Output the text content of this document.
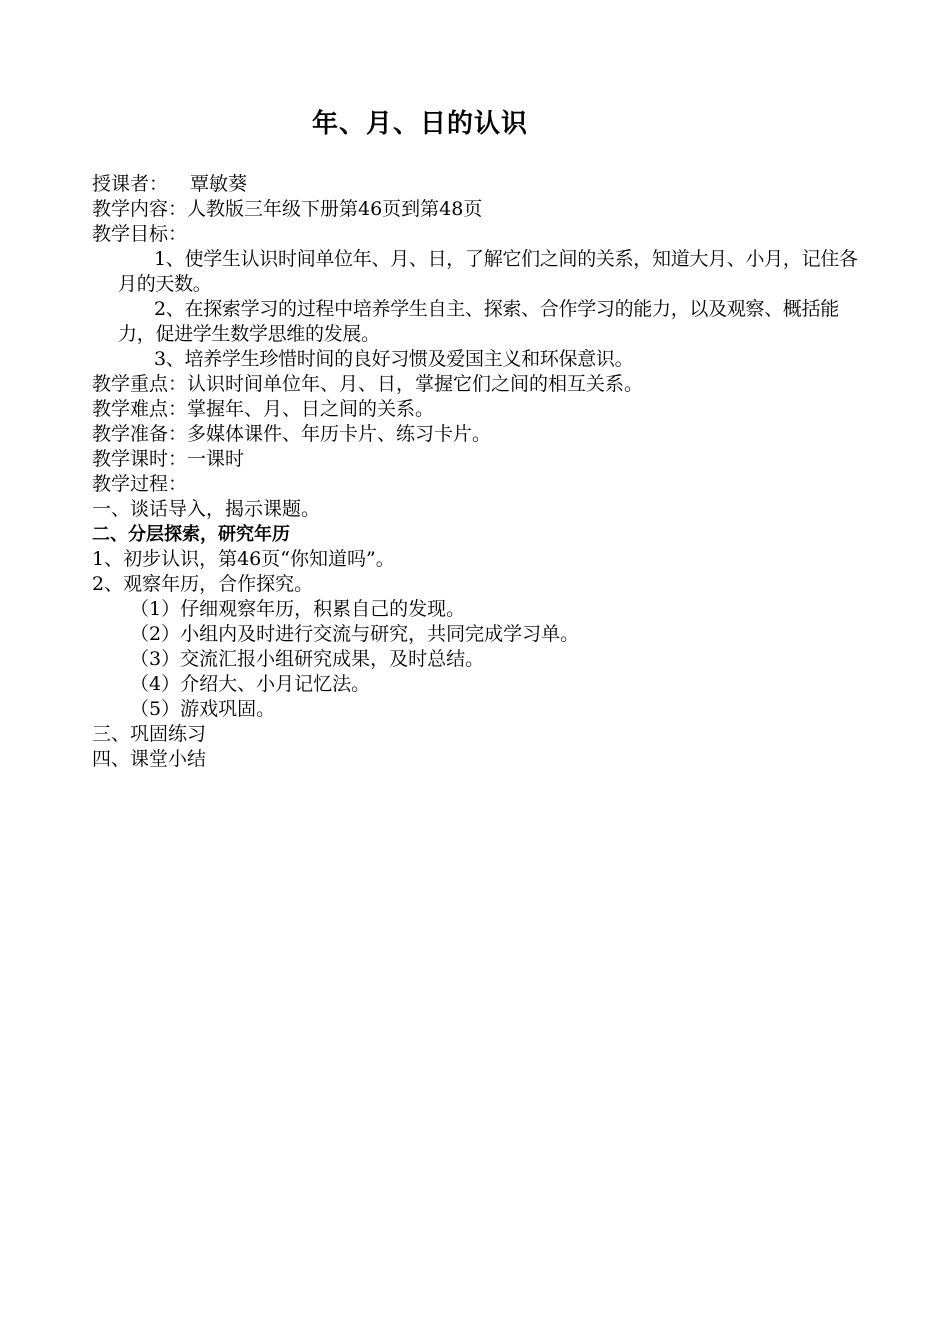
年、月、日的认识
授课者： 覃敏葵
教学内容：人教版三年级下册第46页到第48页
教学目标：
1、使学生认识时间单位年、月、日，了解它们之间的关系，知道大月、小月，记住各月的天数。
2、在探索学习的过程中培养学生自主、探索、合作学习的能力，以及观察、概括能力，促进学生数学思维的发展。
3、培养学生珍惜时间的良好习惯及爱国主义和环保意识。
教学重点：认识时间单位年、月、日，掌握它们之间的相互关系。
教学难点：掌握年、月、日之间的关系。
教学准备：多媒体课件、年历卡片、练习卡片。
教学课时：一课时
教学过程：
一、谈话导入，揭示课题。
二、分层探索，研究年历
1、初步认识，第46页“你知道吗”。
2、观察年历，合作探究。
（1）仔细观察年历，积累自己的发现。
（2）小组内及时进行交流与研究，共同完成学习单。
（3）交流汇报小组研究成果，及时总结。
（4）介绍大、小月记忆法。
（5）游戏巩固。
三、巩固练习
四、课堂小结
